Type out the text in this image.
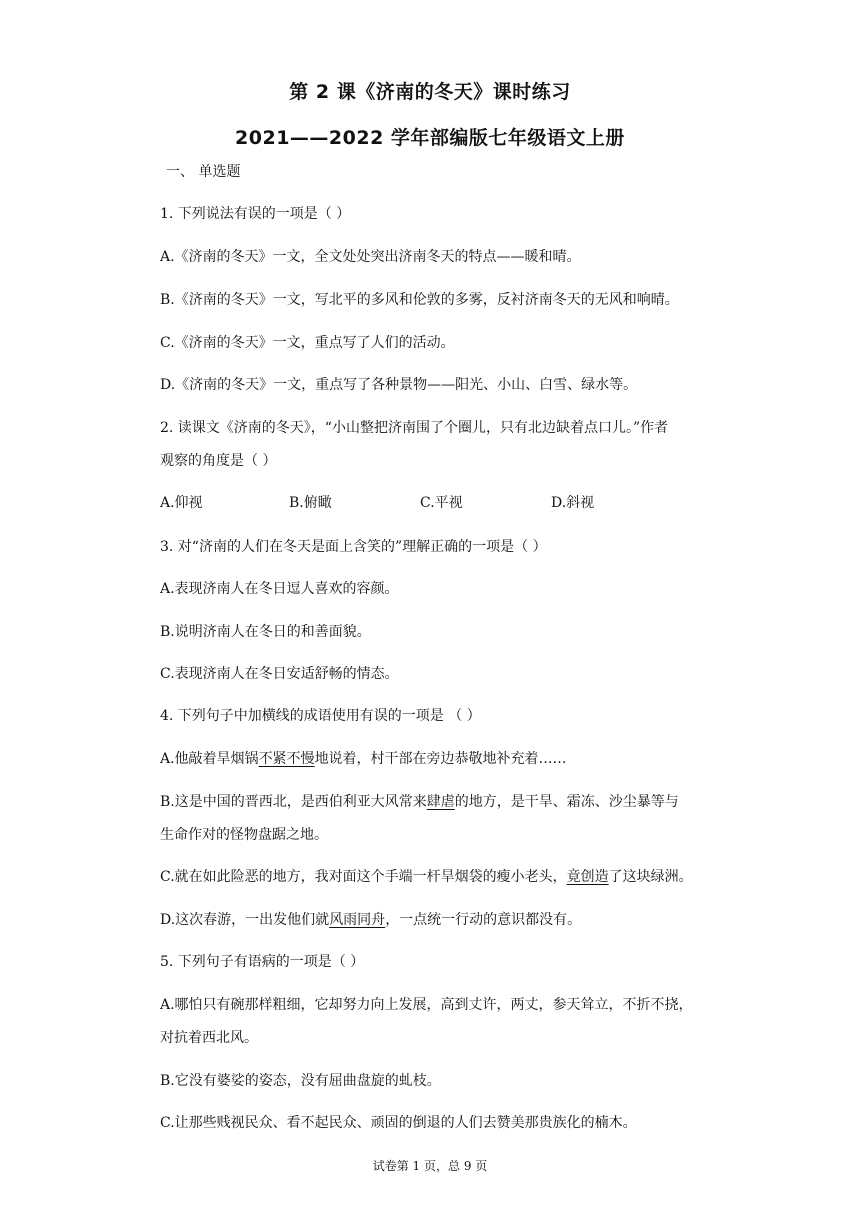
第 2 课《济南的冬天》课时练习
2021——2022 学年部编版七年级语文上册
一、 单选题
1. 下列说法有误的一项是（ ）
A.《济南的冬天》一文，全文处处突出济南冬天的特点——暖和晴。
B.《济南的冬天》一文，写北平的多风和伦敦的多雾，反衬济南冬天的无风和响晴。
C.《济南的冬天》一文，重点写了人们的活动。
D.《济南的冬天》一文，重点写了各种景物——阳光、小山、白雪、绿水等。
2. 读课文《济南的冬天》，“小山整把济南围了个圈儿，只有北边缺着点口儿。”作者
观察的角度是（ ）
A.仰视	B.俯瞰	C.平视	D.斜视
3. 对“济南的人们在冬天是面上含笑的”理解正确的一项是（ ）
A.表现济南人在冬日逗人喜欢的容颜。
B.说明济南人在冬日的和善面貌。
C.表现济南人在冬日安适舒畅的情态。
4. 下列句子中加横线的成语使用有误的一项是 （ ）
A.他敲着旱烟锅不紧不慢地说着，村干部在旁边恭敬地补充着……
B.这是中国的晋西北，是西伯利亚大风常来肆虐的地方，是干旱、霜冻、沙尘暴等与
生命作对的怪物盘踞之地。
C.就在如此险恶的地方，我对面这个手端一杆旱烟袋的瘦小老头，竟创造了这块绿洲。
D.这次春游，一出发他们就风雨同舟，一点统一行动的意识都没有。
5. 下列句子有语病的一项是（ ）
A.哪怕只有碗那样粗细，它却努力向上发展，高到丈许，两丈，参天耸立，不折不挠，
对抗着西北风。
B.它没有婆娑的姿态，没有屈曲盘旋的虬枝。
C.让那些贱视民众、看不起民众、顽固的倒退的人们去赞美那贵族化的楠木。
试卷第 1 页，总 9 页
